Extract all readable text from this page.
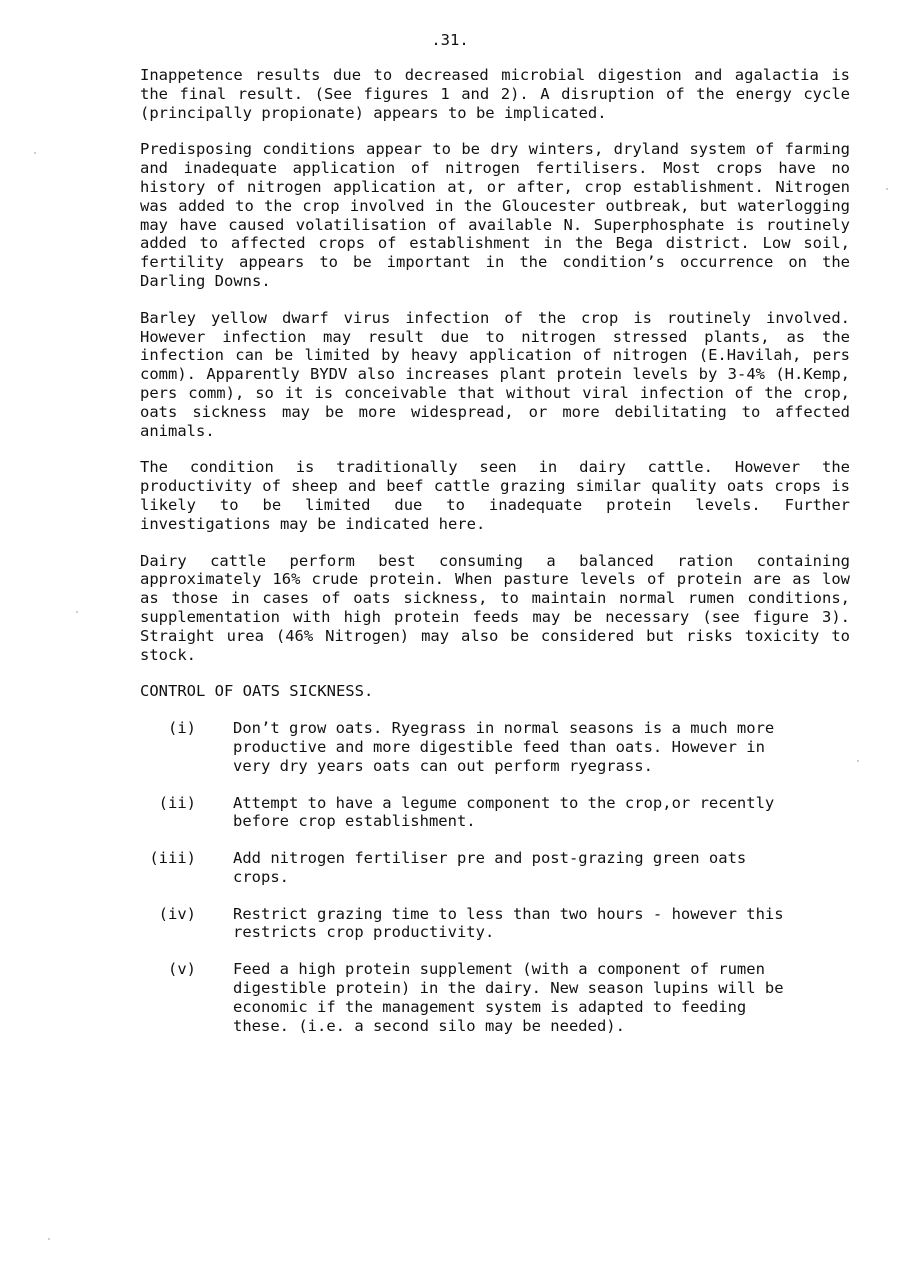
.31.

Inappetence results due to decreased microbial digestion and agalactia is the final result. (See figures 1 and 2). A disruption of the energy cycle (principally propionate) appears to be implicated.

Predisposing conditions appear to be dry winters, dryland system of farming and inadequate application of nitrogen fertilisers. Most crops have no history of nitrogen application at, or after, crop establishment. Nitrogen was added to the crop involved in the Gloucester outbreak, but waterlogging may have caused volatilisation of available N. Superphosphate is routinely added to affected crops of establishment in the Bega district. Low soil, fertility appears to be important in the condition’s occurrence on the Darling Downs.

Barley yellow dwarf virus infection of the crop is routinely involved. However infection may result due to nitrogen stressed plants, as the infection can be limited by heavy application of nitrogen (E.Havilah, pers comm). Apparently BYDV also increases plant protein levels by 3-4% (H.Kemp, pers comm), so it is conceivable that without viral infection of the crop, oats sickness may be more widespread, or more debilitating to affected animals.

The condition is traditionally seen in dairy cattle. However the productivity of sheep and beef cattle grazing similar quality oats crops is likely to be limited due to inadequate protein levels. Further investigations may be indicated here.

Dairy cattle perform best consuming a balanced ration containing approximately 16% crude protein. When pasture levels of protein are as low as those in cases of oats sickness, to maintain normal rumen conditions, supplementation with high protein feeds may be necessary (see figure 3). Straight urea (46% Nitrogen) may also be considered but risks toxicity to stock.

CONTROL OF OATS SICKNESS.
(i) Don’t grow oats. Ryegrass in normal seasons is a much more productive and more digestible feed than oats. However in very dry years oats can out perform ryegrass.
(ii) Attempt to have a legume component to the crop,or recently before crop establishment.
(iii) Add nitrogen fertiliser pre and post-grazing green oats crops.
(iv) Restrict grazing time to less than two hours - however this restricts crop productivity.
(v) Feed a high protein supplement (with a component of rumen digestible protein) in the dairy. New season lupins will be economic if the management system is adapted to feeding these. (i.e. a second silo may be needed).
